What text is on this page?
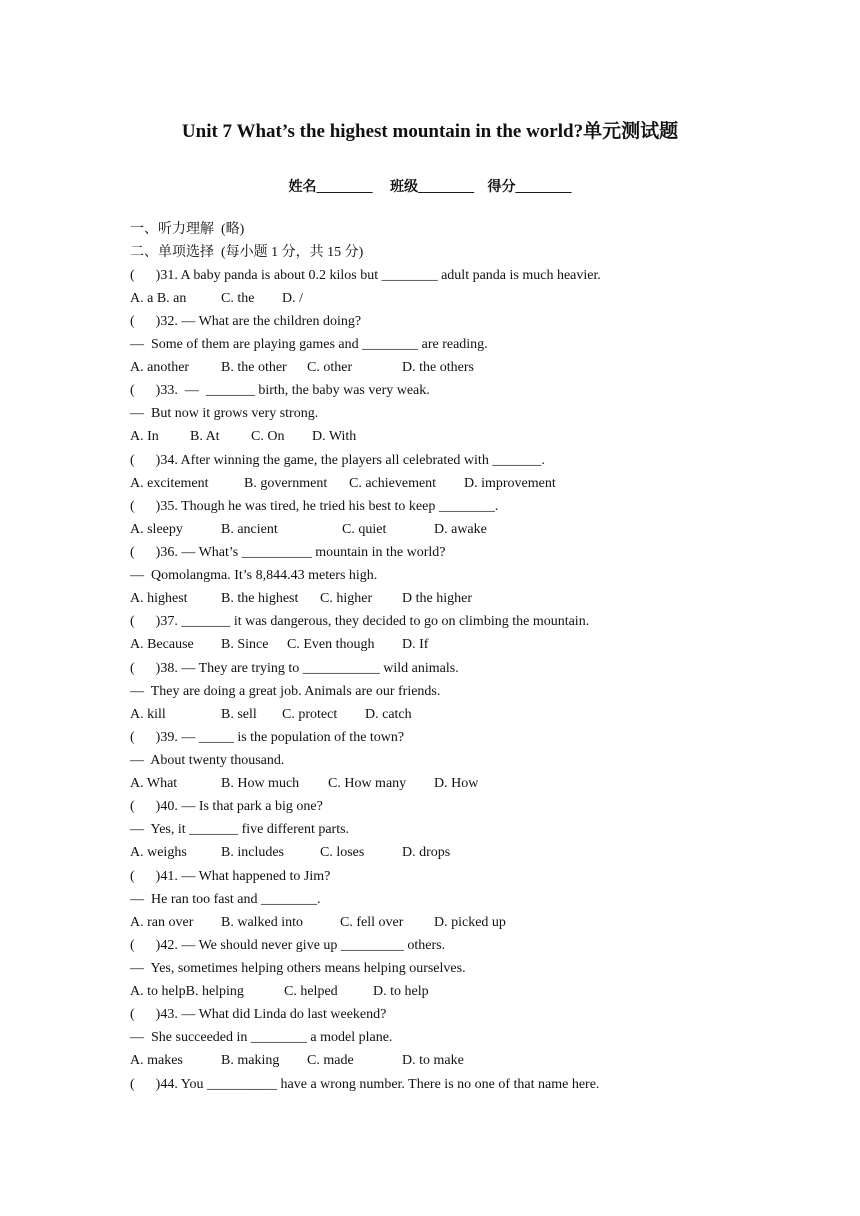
Unit 7 What’s the highest mountain in the world?单元测试题
姓名________ 班级________ 得分________
一、听力理解  (略)
二、单项选择  (每小题 1 分，共 15 分)
(      )31. A baby panda is about 0.2 kilos but ________ adult panda is much heavier.
A. a B. an C. the D. /
(      )32. — What are the children doing?
—  Some of them are playing games and ________ are reading.
A. another B. the other C. other	D. the others
(      )33.  —  _______ birth, the baby was very weak.
—  But now it grows very strong.
A. In B. At C. On D. With
(      )34. After winning the game, the players all celebrated with _______.
A. excitement	B. government C. achievement D. improvement
(      )35. Though he was tired, he tried his best to keep ________.
A. sleepy	B. ancient	C. quiet	D. awake
(      )36. — What’s __________ mountain in the world?
—  Qomolangma. It’s 8,844.43 meters high.
A. highest B. the highest C. higher D the higher
(      )37. _______ it was dangerous, they decided to go on climbing the mountain.
A. Because B. Since C. Even though D. If
(      )38. — They are trying to ___________ wild animals.
—  They are doing a great job. Animals are our friends.
A. kill	B. sell C. protect D. catch
(      )39. — _____ is the population of the town?
—  About twenty thousand.
A. What	B. How much C. How many D. How
(      )40. — Is that park a big one?
—  Yes, it _______ five different parts.
A. weighs B. includes	C. loses	D. drops
(      )41. — What happened to Jim?
—  He ran too fast and ________.
A. ran over B. walked into	C. fell over D. picked up
(      )42. — We should never give up _________ others.
—  Yes, sometimes helping others means helping ourselves.
A. to helpB. helping	C. helped	D. to help
(      )43. — What did Linda do last weekend?
—  She succeeded in ________ a model plane.
A. makes	B. making C. made	D. to make
(      )44. You __________ have a wrong number. There is no one of that name here.
